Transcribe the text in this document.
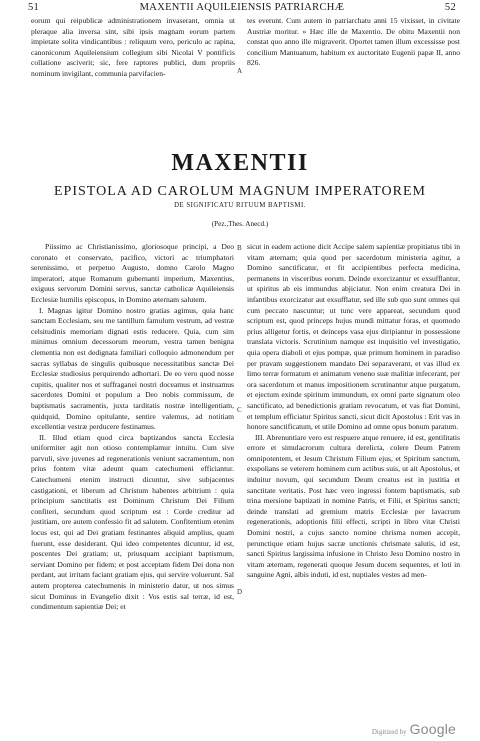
51	MAXENTII AQUILEIENSIS PATRIARCHÆ	52

eorum qui reipublicæ administrationem invaserant, omnia ut pleraque alia inversa sint, sibi ipsis magnam eorum partem impietate solita vindicantibus : reliquum vero, periculo ac rapina, canonicorum Aquileiensium collegium sibi Nicolai V pontificis collatione asciverit; sic, fere raptores publici, dum propriis nominum invigilant, communia parvifacien-

tes everunt. Cum autem in patriarchatu anni 15 vixisset, in civitate Austriæ moritur. » Hæc ille de Maxentio. De obitu Maxentii non constat quo anno ille migraverit. Oportet tamen illum excessisse post concilium Mantuanum, habitum ex auctoritate Eugenii papæ II, anno 826.

A
B
C
D
MAXENTII
EPISTOLA AD CAROLUM MAGNUM IMPERATOREM
DE SIGNIFICATU RITUUM BAPTISMI.
(Pez.,Thes. Anecd.)

Piissimo ac Christianissimo, gloriosoque principi, a Deo coronato et conservato, pacifico, victori ac triumphatori serenissimo, et perpetuo Augusto, domno Carolo Magno imperatori, atque Romanum gubernanti imperium, Maxentius, exiguus servorum Domini servus, sanctæ catholicæ Aquileiensis Ecclesiæ humilis episcopus, in Domino æternam salutem.

I. Magnas igitur Domino nostro gratias agimus, quia hanc sanctam Ecclesiam, seu me tantillum famulum vestrum, ad vestræ celsitudinis memoriam dignati estis reducere. Quia, cum sim minimus omnium decessorum meorum, vestra tamen benigna clementia non est dedignata familiari colloquio admonendum per sacras syllabas de singulis quibusque necessitatibus sanctæ Dei Ecclesiæ studiosius perquirendo adhortari. De eo vero quod nosse cupitis, qualiter nos et suffraganei nostri doceamus et instruamus sacerdotes Domini et populum a Deo nobis commissum, de baptismatis sacramentis, juxta tarditatis nostræ intelligentiam, quidquid, Domino opitulante, sentire valemus, ad notitiam excellentiæ vestræ perducere festinamus.

II. Illud etiam quod circa baptizandos sancta Ecclesia uniformiter agit non otioso contemplamur intuitu. Cum sive parvuli, sive juvenes ad regenerationis veniunt sacramentum, non prius fontem vitæ adeunt quam catechumeni efficiantur. Catechumeni etenim instructi dicuntur, sive subjacentes castigationi, et liberum ad Christum habentes arbitrium : quia principium sanctitatis est Dominum Christum Dei Filium confiteri, secundum quod scriptum est : Corde creditur ad justitiam, ore autem confessio fit ad salutem. Confitentium etenim locus est, qui ad Dei gratiam festinantes aliquid amplius, quam fuerunt, esse desiderant. Qui ideo competentes dicuntur, id est, poscentes Dei gratiam; ut, priusquam accipiant baptismum, serviant Domino per fidem; et post acceptam fidem Dei dona non perdant, aut irritam faciant gratiam ejus, qui servire voluerunt. Sal autem propterea catechumenis in ministerio datur, ut nos simus sicut Dominus in Evangelio dixit : Vos estis sal terræ, id est, condimentum sapientiæ Dei; et

sicut in eadem actione dicit Accipe salem sapientiæ propitiatus tibi in vitam æternam; quia quod per sacerdotum ministeria agitur, a Domino sanctificatur, et fit accipientibus perfecta medicina, permanens in visceribus eorum. Deinde exorcizantur et exsufflantur, ut spiritus ab eis immundus abjiciatur. Non enim creatura Dei in infantibus exorcizatur aut exsufflatur, sed ille sub quo sunt omnes qui cum peccato nascuntur; ut tunc vere appareat, secundum quod scriptum est, quod princeps hujus mundi mittatur foras, et quomodo prius alligetur fortis, et deinceps vasa ejus diripiantur in possessione translata victoris. Scrutinium namque est inquisitio vel investigatio, quia opera diaboli et ejus pompæ, quæ primum hominem in paradiso per pravam suggestionem mandato Dei separaverant, et vas illud ex limo terræ formatum et animatum veneno suæ malitiæ infecerant, per ora sacerdotum et manus impositionem scrutinantur atque purgatum, et ejectum exinde spiritum immundum, ex omni parte signatum oleo sanctificato, ad benedictionis gratiam revocatum, et vas fiat Domini, et templum efficiatur Spiritus sancti, sicut dicit Apostolus : Erit vas in honore sanctificatum, et utile Domino ad omne opus bonum paratum.

III. Abrenuntiare vero est respuere atque renuere, id est, gentilitatis errore et simulacrorum cultura derelicta, colere Deum Patrem omnipotentem, et Jesum Christum Filium ejus, et Spiritum sanctum, exspolians se veterem hominem cum actibus suis, ut ait Apostolus, et induitur novum, qui secundum Deum creatus est in justitia et sanctitate veritatis. Post hæc vero ingressi fontem baptismatis, sub trina mersione baptizati in nomine Patris, et Filii, et Spiritus sancti; deinde translati ad gremium matris Ecclesiæ per lavacrum regenerationis, adoptionis filii effecti, scripti in libro vitæ Christi Domini nostri, a cujus sancto nomine chrisma nomen accepit, perunctique etiam hujus sacræ unctionis chrismate salutis, id est, sancti Spiritus largissima infusione in Christo Jesu Domino nostro in vitam æternam, regenerati quoque Jesum ducem sequentes, et loti in sanguine Agni, albis induti, id est, nuptiales vestes ad men-

Digitized by Google
